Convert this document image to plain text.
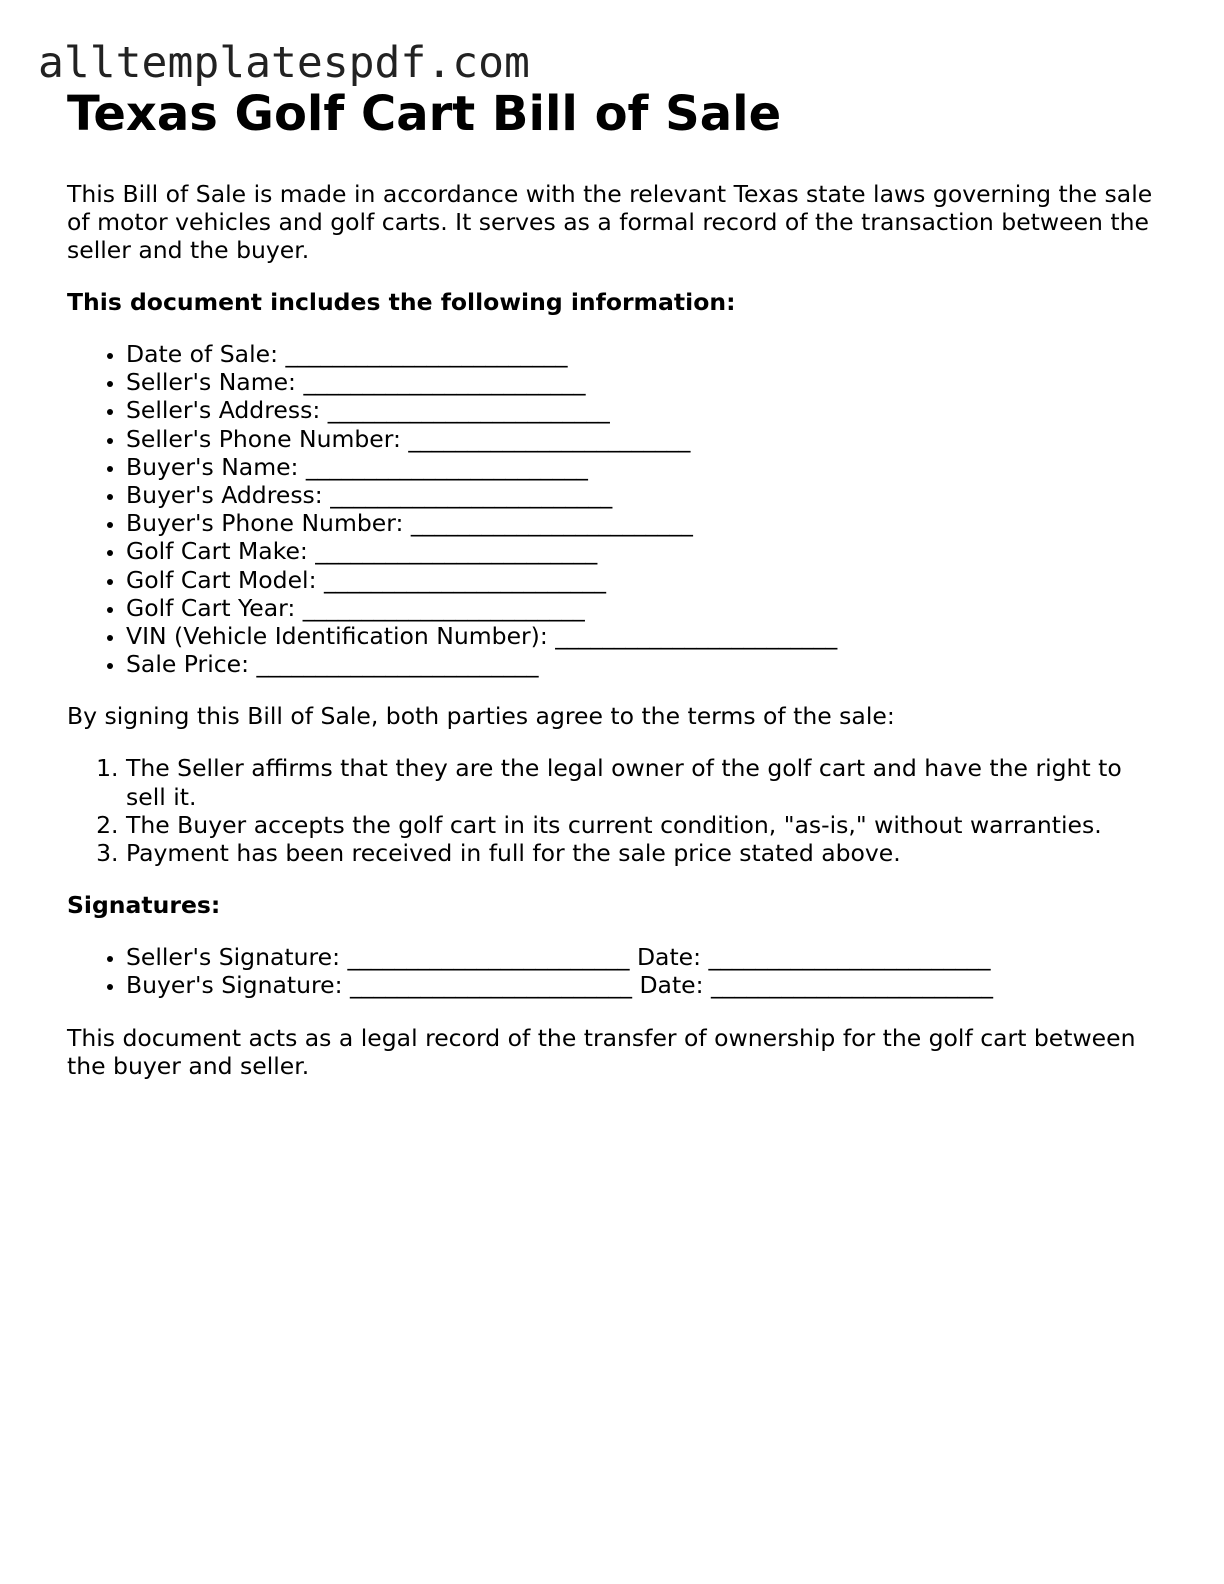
alltemplatespdf.com
Texas Golf Cart Bill of Sale

This Bill of Sale is made in accordance with the relevant Texas state laws governing the sale of motor vehicles and golf carts. It serves as a formal record of the transaction between the seller and the buyer.

This document includes the following information:

• Date of Sale: ________________________
• Seller's Name: ________________________
• Seller's Address: ________________________
• Seller's Phone Number: ________________________
• Buyer's Name: ________________________
• Buyer's Address: ________________________
• Buyer's Phone Number: ________________________
• Golf Cart Make: ________________________
• Golf Cart Model: ________________________
• Golf Cart Year: ________________________
• VIN (Vehicle Identification Number): ________________________
• Sale Price: ________________________

By signing this Bill of Sale, both parties agree to the terms of the sale:

1. The Seller affirms that they are the legal owner of the golf cart and have the right to sell it.
2. The Buyer accepts the golf cart in its current condition, "as-is," without warranties.
3. Payment has been received in full for the sale price stated above.

Signatures:

• Seller's Signature: ________________________ Date: ________________________
• Buyer's Signature: ________________________ Date: ________________________

This document acts as a legal record of the transfer of ownership for the golf cart between the buyer and seller.
